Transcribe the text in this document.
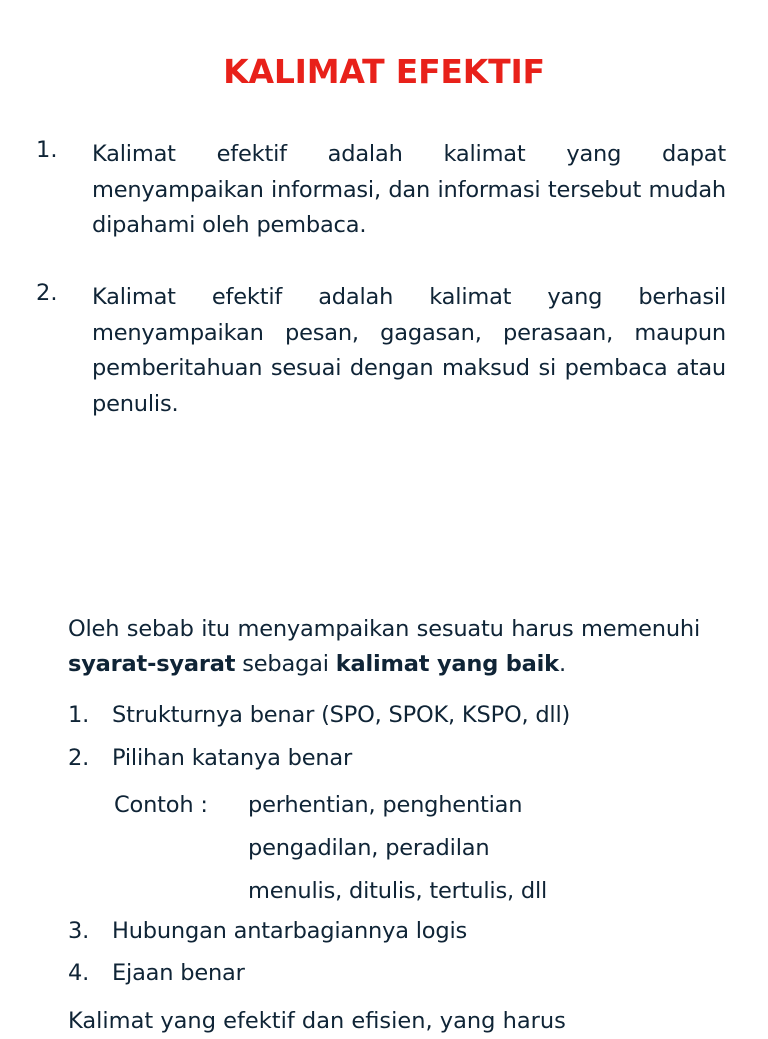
KALIMAT EFEKTIF
1. Kalimat efektif adalah kalimat yang dapat menyampaikan informasi, dan informasi tersebut mudah dipahami oleh pembaca.
2. Kalimat efektif adalah kalimat yang berhasil menyampaikan pesan, gagasan, perasaan, maupun pemberitahuan sesuai dengan maksud si pembaca atau penulis.
Oleh sebab itu menyampaikan sesuatu harus memenuhi syarat-syarat sebagai kalimat yang baik.
1. Strukturnya benar (SPO, SPOK, KSPO, dll)
2. Pilihan katanya benar
Contoh : perhentian, penghentian
pengadilan, peradilan
menulis, ditulis, tertulis, dll
3. Hubungan antarbagiannya logis
4. Ejaan benar
Kalimat yang efektif dan efisien, yang harus
